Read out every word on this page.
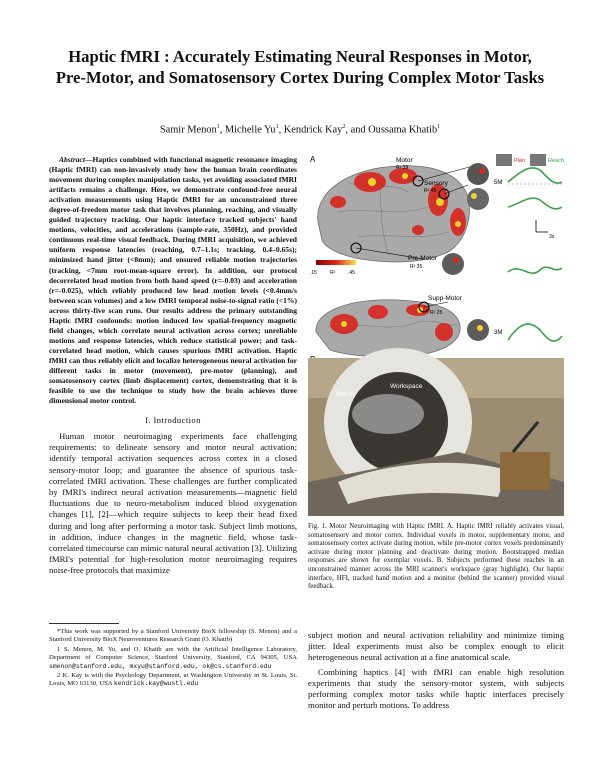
Haptic fMRI : Accurately Estimating Neural Responses in Motor,
Pre-Motor, and Somatosensory Cortex During Complex Motor Tasks
Samir Menon$^1$, Michelle Yu$^1$, Kendrick Kay$^2$, and Oussama Khatib$^1$
Abstract—Haptics combined with functional magnetic resonance imaging (Haptic fMRI) can non-invasively study how the human brain coordinates movement during complex manipulation tasks, yet avoiding associated fMRI artifacts remains a challenge. Here, we demonstrate confound-free neural activation measurements using Haptic fMRI for an unconstrained three degree-of-freedom motor task that involves planning, reaching, and visually guided trajectory tracking. Our haptic interface tracked subjects' hand motions, velocities, and accelerations (sample-rate, 350Hz), and provided continuous real-time visual feedback. During fMRI acquisition, we achieved uniform response latencies (reaching, 0.7–1.1s; tracking, 0.4–0.65s); minimized hand jitter (<8mm); and ensured reliable motion trajectories (tracking, <7mm root-mean-square error). In addition, our protocol decorrelated head motion from both hand speed (r=-0.03) and acceleration (r=-0.025), which reliably produced low head motion levels (<0.4mm/s between scan volumes) and a low fMRI temporal noise-to-signal ratio (<1%) across thirty-five scan runs. Our results address the primary outstanding Haptic fMRI confounds: motion induced low spatial-frequency magnetic field changes, which correlate neural activation across cortex; unreliable motions and response latencies, which reduce statistical power; and task-correlated head motion, which causes spurious fMRI activation. Haptic fMRI can thus reliably elicit and localize heterogeneous neural activation for different tasks in motor (movement), pre-motor (planning), and somatosensory cortex (limb displacement) cortex, demonstrating that it is feasible to use the technique to study how the brain achieves three dimensional motor control.
I. Introduction
Human motor neuroimaging experiments face challenging requirements: to delineate sensory and motor neural activation; identify temporal activation sequences across cortex in a closed sensory-motor loop; and guarantee the absence of spurious task-correlated fMRI activation. These challenges are further complicated by fMRI's indirect neural activation measurements—magnetic field fluctuations due to neuro-metabolism induced blood oxygenation changes [1], [2]—which require subjects to keep their head fixed during and long after performing a motor task. Subject limb motions, in addition, induce changes in the magnetic field, whose task-correlated timecourse can mimic natural neural activation [3]. Utilizing fMRI's potential for high-resolution motor neuroimaging requires noise-free protocols that maximize

*This work was supported by a Stanford University BioX fellowship (S. Menon) and a Stanford University BioX Neuroventures Research Grant (O. Khatib)

1 S. Menon, M. Yu, and O. Khatib are with the Artificial Intelligence Laboratory, Department of Computer Science, Stanford University, Stanford, CA 94305, USA smenon@stanford.edu, mxyu@stanford.edu, ok@cs.stanford.edu

2 K. Kay is with the Psychology Department, at Washington University in St. Louis, St. Louis, MO 63130, USA kendrick.kay@wustl.edu

A	Motor
R² 39
Sensory
R² 45
Pre-Motor
R² 35
.15	R²	.45
Plan	Reach
5M
3M
3s
Supp-Motor
R² 25
Bench
Workspace
Fig. 1. Motor Neuroimaging with Haptic fMRI. A. Haptic fMRI reliably activates visual, somatosensory and motor cortex. Individual voxels in motor, supplementary motor, and somatosensory cortex activate during motion, while pre-motor cortex voxels predominantly activate during motor planning and deactivate during motion. Bootstrapped median responses are shown for exemplar voxels. B. Subjects performed these reaches in an unconstrained manner across the MRI scanner's workspace (gray highlight). Our haptic interface, HFI, tracked hand motion and a monitor (behind the scanner) provided visual feedback.

subject motion and neural activation reliability and minimize timing jitter. Ideal experiments must also be complex enough to elicit heterogeneous neural activation at a fine anatomical scale.

Combining haptics [4] with fMRI can enable high resolution experiments that study the sensory-motor system, with subjects performing complex motor tasks while haptic interfaces precisely monitor and perturb motions. To address
